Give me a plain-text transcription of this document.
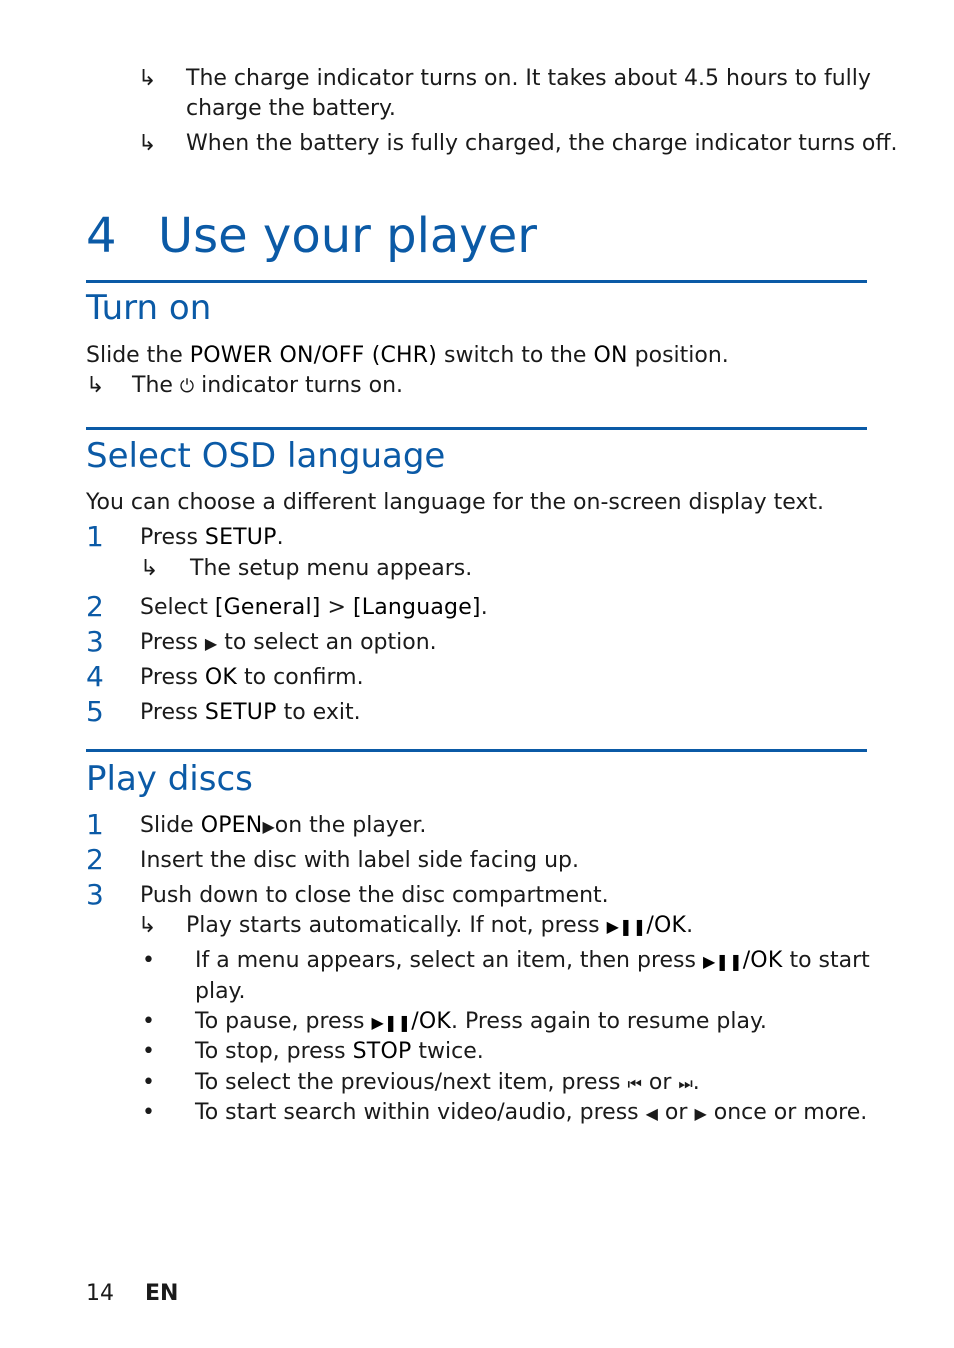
↳ The charge indicator turns on. It takes about 4.5 hours to fully
charge the battery.
↳ When the battery is fully charged, the charge indicator turns off.
4 Use your player
Turn on
Slide the POWER ON/OFF (CHR) switch to the ON position.
↳ The ⏻ indicator turns on.
Select OSD language
You can choose a different language for the on-screen display text.
1 Press SETUP.
↳ The setup menu appears.
2 Select [General] > [Language].
3 Press ▶ to select an option.
4 Press OK to confirm.
5 Press SETUP to exit.
Play discs
1 Slide OPEN▶on the player.
2 Insert the disc with label side facing up.
3 Push down to close the disc compartment.
↳ Play starts automatically. If not, press ▶❚❚/OK.
• If a menu appears, select an item, then press ▶❚❚/OK to start
play.
• To pause, press ▶❚❚/OK. Press again to resume play.
• To stop, press STOP twice.
• To select the previous/next item, press ⏮ or ⏭.
• To start search within video/audio, press ◀ or ▶ once or more.
14 EN
